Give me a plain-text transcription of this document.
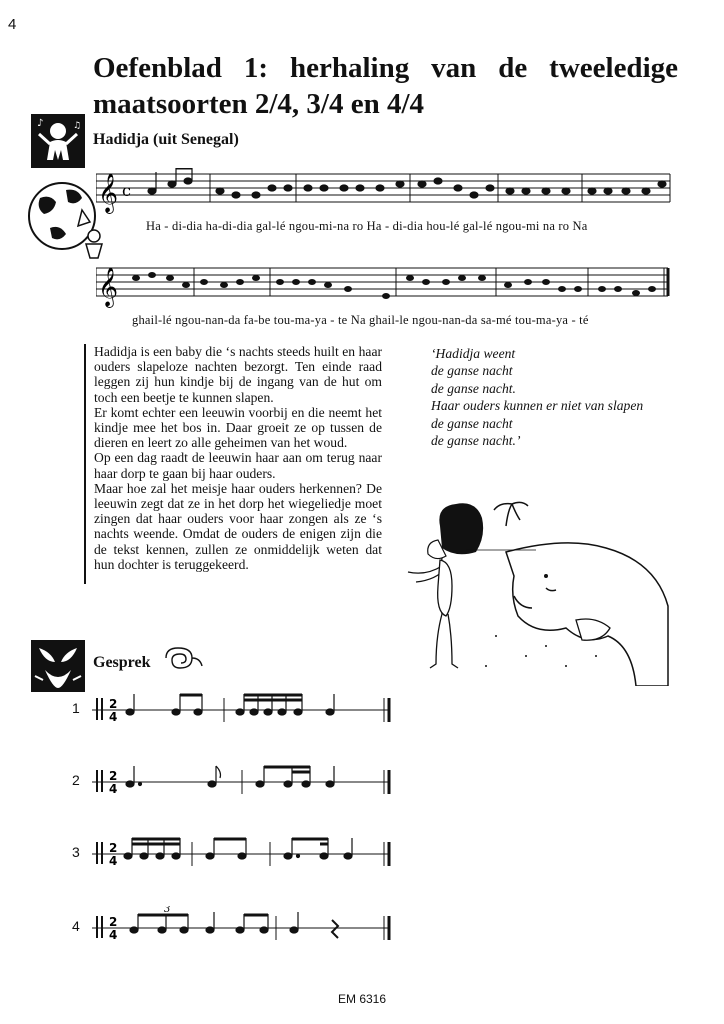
4
Oefenblad 1: herhaling van de tweeledige
maatsoorten 2/4, 3/4 en 4/4
♪	♫
Hadidja (uit Senegal)
𝄞 c
Ha - di-dia ha-di-dia gal-lé ngou-mi-na ro Ha - di-dia hou-lé gal-lé ngou-mi na ro Na
𝄞
ghail-lé ngou-nan-da fa-be tou-ma-ya - te Na ghail-le ngou-nan-da sa-mé tou-ma-ya - té

Hadidja is een baby die ‘s nachts steeds huilt en haar ouders slapeloze nachten bezorgt. Ten einde raad leggen zij hun kindje bij de ingang van de hut om toch een beetje te kunnen slapen.

Er komt echter een leeuwin voorbij en die neemt het kindje mee het bos in. Daar groeit ze op tussen de dieren en leert zo alle geheimen van het woud.

Op een dag raadt de leeuwin haar aan om terug naar haar dorp te gaan bij haar ouders.

Maar hoe zal het meisje haar ouders herkennen? De leeuwin zegt dat ze in het dorp het wiegeliedje moet zingen dat haar ouders voor haar zongen als ze ‘s nachts weende. Omdat de ouders de enigen zijn die de tekst kennen, zullen ze onmiddelijk weten dat hun dochter is teruggekeerd.

‘Hadidja weent
de ganse nacht
de ganse nacht.
Haar ouders kunnen er niet van slapen
de ganse nacht
de ganse nacht.’
Gesprek
1
2
3
4
2
4
2
4
2
4
2
4
3
EM 6316
